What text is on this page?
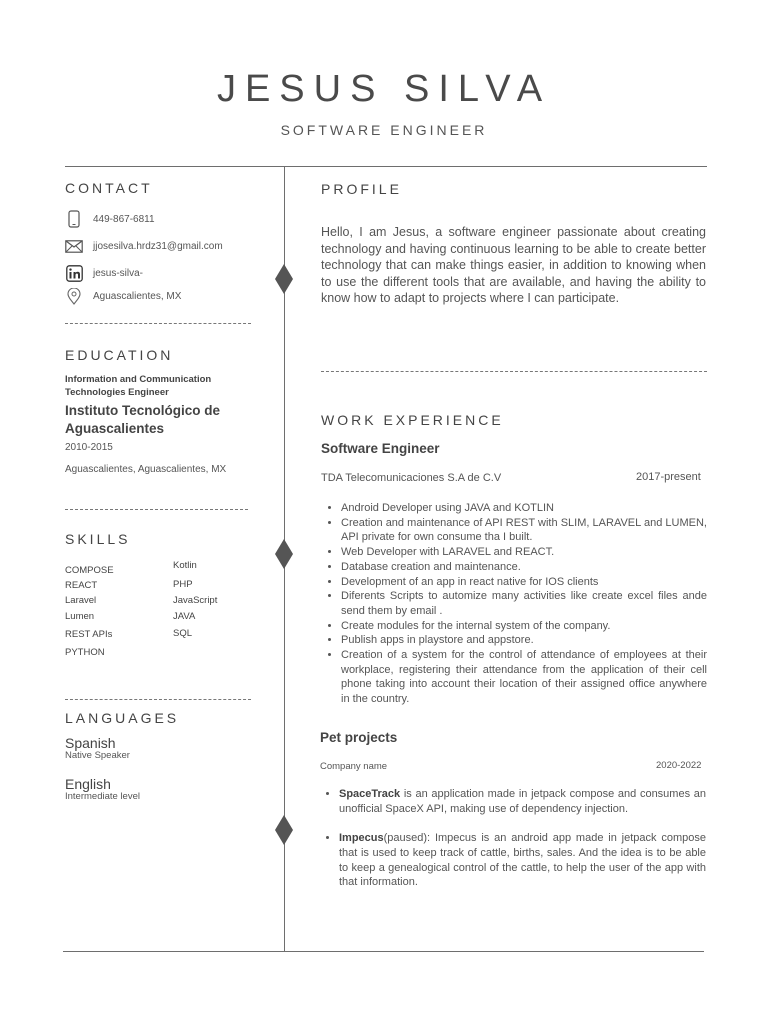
JESUS SILVA
SOFTWARE ENGINEER
CONTACT
449-867-6811
jjosesilva.hrdz31@gmail.com
jesus-silva-
Aguascalientes, MX
EDUCATION
Information and Communication Technologies Engineer
Instituto Tecnológico de Aguascalientes
2010-2015
Aguascalientes, Aguascalientes, MX
SKILLS
COMPOSE
REACT
Laravel
Lumen
REST APIs
PYTHON
Kotlin
PHP
JavaScript
JAVA
SQL
LANGUAGES
Spanish
Native Speaker
English
Intermediate level
PROFILE

Hello, I am Jesus, a software engineer passionate about creating technology and having continuous learning to be able to create better technology that can make things easier, in addition to knowing when to use the different tools that are available, and having the ability to know how to adapt to projects where I can participate.

WORK EXPERIENCE
Software Engineer
TDA Telecomunicaciones S.A de C.V	2017-present
• Android Developer using JAVA and KOTLIN
• Creation and maintenance of API REST with SLIM, LARAVEL and LUMEN, API private for own consume tha I built.
• Web Developer with LARAVEL and REACT.
• Database creation and maintenance.
• Development of an app in react native for IOS clients
• Diferents Scripts to automize many activities like create excel files ande send them by email .
• Create modules for the internal system of the company.
• Publish apps in playstore and appstore.
• Creation of a system for the control of attendance of employees at their workplace, registering their attendance from the application of their cell phone taking into account their location of their assigned office anywhere in the country.
Pet projects
Company name	2020-2022
• SpaceTrack is an application made in jetpack compose and consumes an unofficial SpaceX API, making use of dependency injection.
• Impecus(paused): Impecus is an android app made in jetpack compose that is used to keep track of cattle, births, sales. And the idea is to be able to keep a genealogical control of the cattle, to help the user of the app with that information.
